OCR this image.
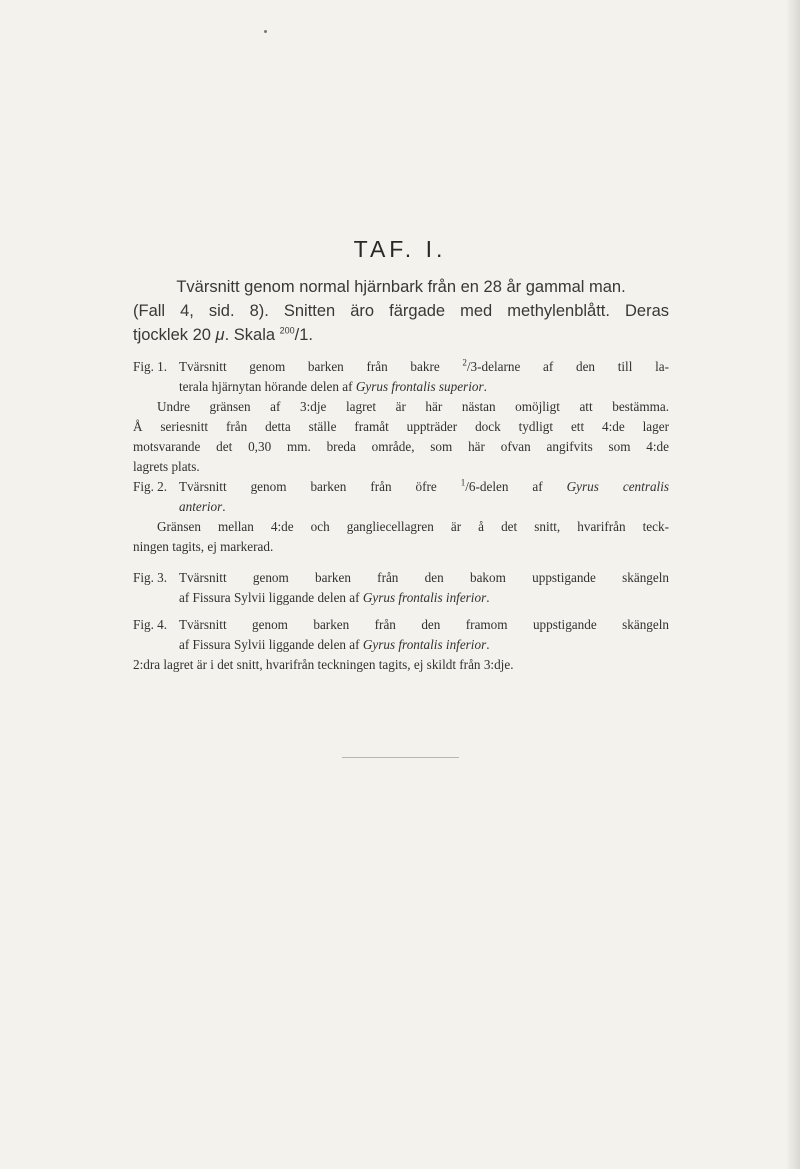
TAF. I.
Tvärsnitt genom normal hjärnbark från en 28 år gammal man.
(Fall 4, sid. 8). Snitten äro färgade med methylenblått. Deras
tjocklek 20 μ. Skala $^{200}$/1.
Fig. 1. Tvärsnitt genom barken från bakre $^2$/3-delarne af den till la-
terala hjärnytan hörande delen af Gyrus frontalis superior.
Undre gränsen af 3:dje lagret är här nästan omöjligt att bestämma.
Å seriesnitt från detta ställe framåt uppträder dock tydligt ett 4:de lager
motsvarande det 0,30 mm. breda område, som här ofvan angifvits som 4:de
lagrets plats.
Fig. 2. Tvärsnitt genom barken från öfre $^1$/6-delen af Gyrus centralis
anterior.
Gränsen mellan 4:de och gangliecellagren är å det snitt, hvarifrån teck-
ningen tagits, ej markerad.
Fig. 3. Tvärsnitt genom barken från den bakom uppstigande skängeln
af Fissura Sylvii liggande delen af Gyrus frontalis inferior.
Fig. 4. Tvärsnitt genom barken från den framom uppstigande skängeln
af Fissura Sylvii liggande delen af Gyrus frontalis inferior.
2:dra lagret är i det snitt, hvarifrån teckningen tagits, ej skildt från 3:dje.
